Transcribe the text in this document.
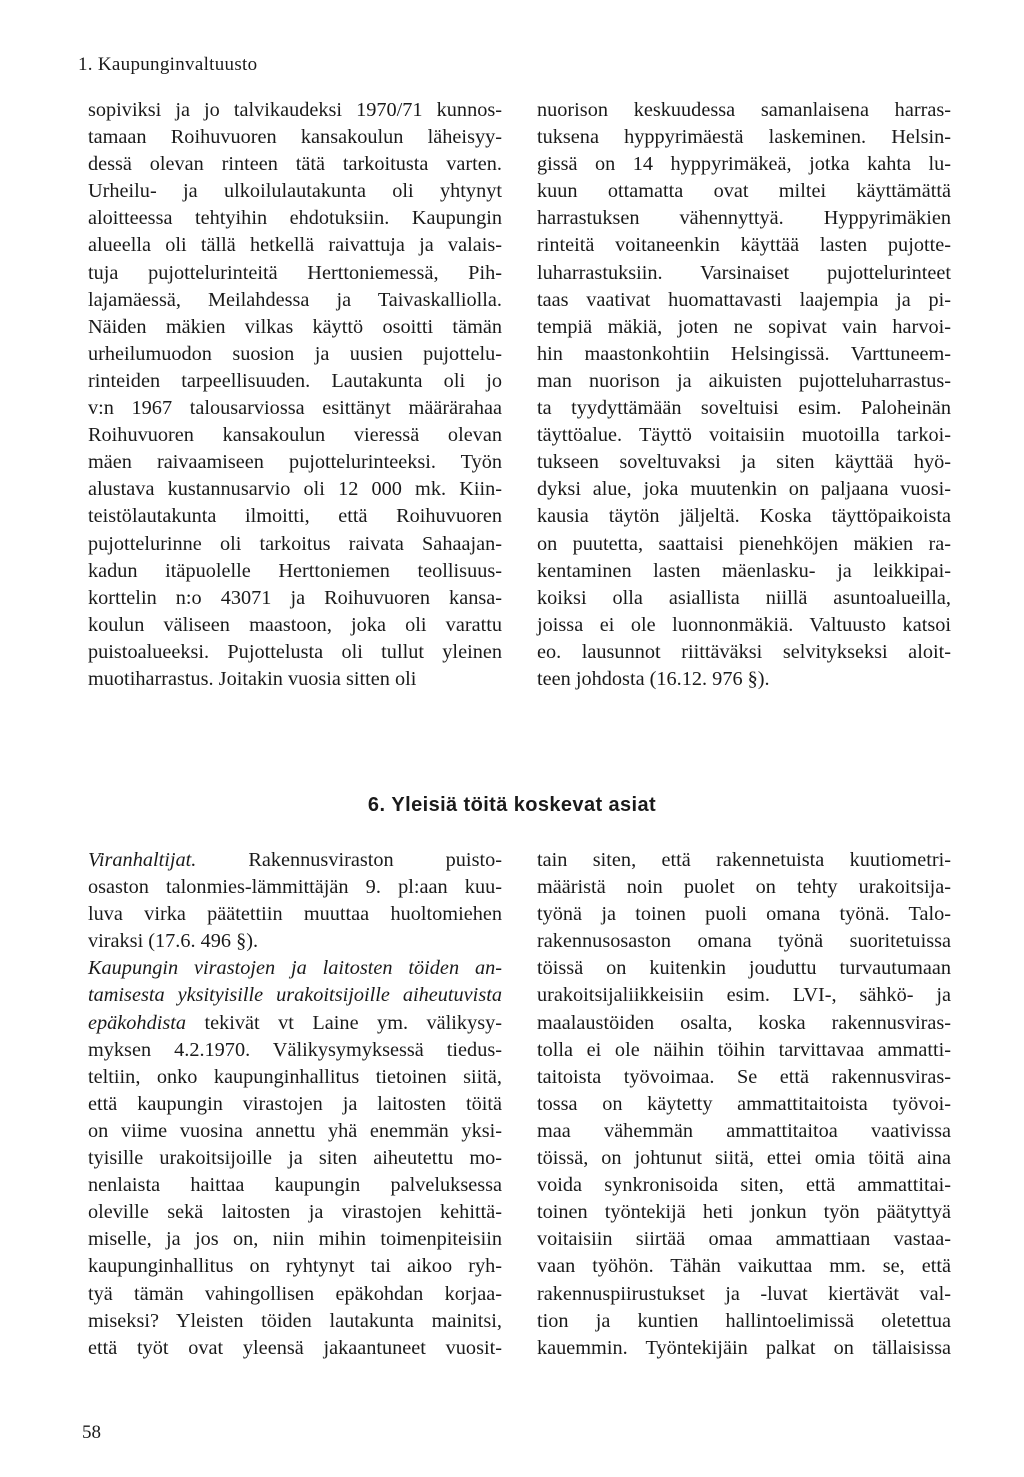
1. Kaupunginvaltuusto
sopiviksi ja jo talvikaudeksi 1970/71 kunnos-
tamaan Roihuvuoren kansakoulun läheisyy-
dessä olevan rinteen tätä tarkoitusta varten.
Urheilu- ja ulkoilulautakunta oli yhtynyt
aloitteessa tehtyihin ehdotuksiin. Kaupungin
alueella oli tällä hetkellä raivattuja ja valais-
tuja pujottelurinteitä Herttoniemessä, Pih-
lajamäessä, Meilahdessa ja Taivaskalliolla.
Näiden mäkien vilkas käyttö osoitti tämän
urheilumuodon suosion ja uusien pujottelu-
rinteiden tarpeellisuuden. Lautakunta oli jo
v:n 1967 talousarviossa esittänyt määrärahaa
Roihuvuoren kansakoulun vieressä olevan
mäen raivaamiseen pujottelurinteeksi. Työn
alustava kustannusarvio oli 12 000 mk. Kiin-
teistölautakunta ilmoitti, että Roihuvuoren
pujottelurinne oli tarkoitus raivata Sahaajan-
kadun itäpuolelle Herttoniemen teollisuus-
korttelin n:o 43071 ja Roihuvuoren kansa-
koulun väliseen maastoon, joka oli varattu
puistoalueeksi. Pujottelusta oli tullut yleinen
muotiharrastus. Joitakin vuosia sitten oli
nuorison keskuudessa samanlaisena harras-
tuksena hyppyrimäestä laskeminen. Helsin-
gissä on 14 hyppyrimäkeä, jotka kahta lu-
kuun ottamatta ovat miltei käyttämättä
harrastuksen vähennyttyä. Hyppyrimäkien
rinteitä voitaneenkin käyttää lasten pujotte-
luharrastuksiin. Varsinaiset pujottelurinteet
taas vaativat huomattavasti laajempia ja pi-
tempiä mäkiä, joten ne sopivat vain harvoi-
hin maastonkohtiin Helsingissä. Varttuneem-
man nuorison ja aikuisten pujotteluharrastus-
ta tyydyttämään soveltuisi esim. Paloheinän
täyttöalue. Täyttö voitaisiin muotoilla tarkoi-
tukseen soveltuvaksi ja siten käyttää hyö-
dyksi alue, joka muutenkin on paljaana vuosi-
kausia täytön jäljeltä. Koska täyttöpaikoista
on puutetta, saattaisi pienehköjen mäkien ra-
kentaminen lasten mäenlasku- ja leikkipai-
koiksi olla asiallista niillä asuntoalueilla,
joissa ei ole luonnonmäkiä. Valtuusto katsoi
eo. lausunnot riittäväksi selvitykseksi aloit-
teen johdosta (16.12. 976 §).
6. Yleisiä töitä koskevat asiat
Viranhaltijat. Rakennusviraston puisto-
osaston talonmies-lämmittäjän 9. pl:aan kuu-
luva virka päätettiin muuttaa huoltomiehen
viraksi (17.6. 496 §).
Kaupungin virastojen ja laitosten töiden an-
tamisesta yksityisille urakoitsijoille aiheutuvista
epäkohdista tekivät vt Laine ym. välikysy-
myksen 4.2.1970. Välikysymyksessä tiedus-
teltiin, onko kaupunginhallitus tietoinen siitä,
että kaupungin virastojen ja laitosten töitä
on viime vuosina annettu yhä enemmän yksi-
tyisille urakoitsijoille ja siten aiheutettu mo-
nenlaista haittaa kaupungin palveluksessa
oleville sekä laitosten ja virastojen kehittä-
miselle, ja jos on, niin mihin toimenpiteisiin
kaupunginhallitus on ryhtynyt tai aikoo ryh-
tyä tämän vahingollisen epäkohdan korjaa-
miseksi? Yleisten töiden lautakunta mainitsi,
että työt ovat yleensä jakaantuneet vuosit-
tain siten, että rakennetuista kuutiometri-
määristä noin puolet on tehty urakoitsija-
työnä ja toinen puoli omana työnä. Talo-
rakennusosaston omana työnä suoritetuissa
töissä on kuitenkin jouduttu turvautumaan
urakoitsijaliikkeisiin esim. LVI-, sähkö- ja
maalaustöiden osalta, koska rakennusviras-
tolla ei ole näihin töihin tarvittavaa ammatti-
taitoista työvoimaa. Se että rakennusviras-
tossa on käytetty ammattitaitoista työvoi-
maa vähemmän ammattitaitoa vaativissa
töissä, on johtunut siitä, ettei omia töitä aina
voida synkronisoida siten, että ammattitai-
toinen työntekijä heti jonkun työn päätyttyä
voitaisiin siirtää omaa ammattiaan vastaa-
vaan työhön. Tähän vaikuttaa mm. se, että
rakennuspiirustukset ja -luvat kiertävät val-
tion ja kuntien hallintoelimissä oletettua
kauemmin. Työntekijäin palkat on tällaisissa
58
